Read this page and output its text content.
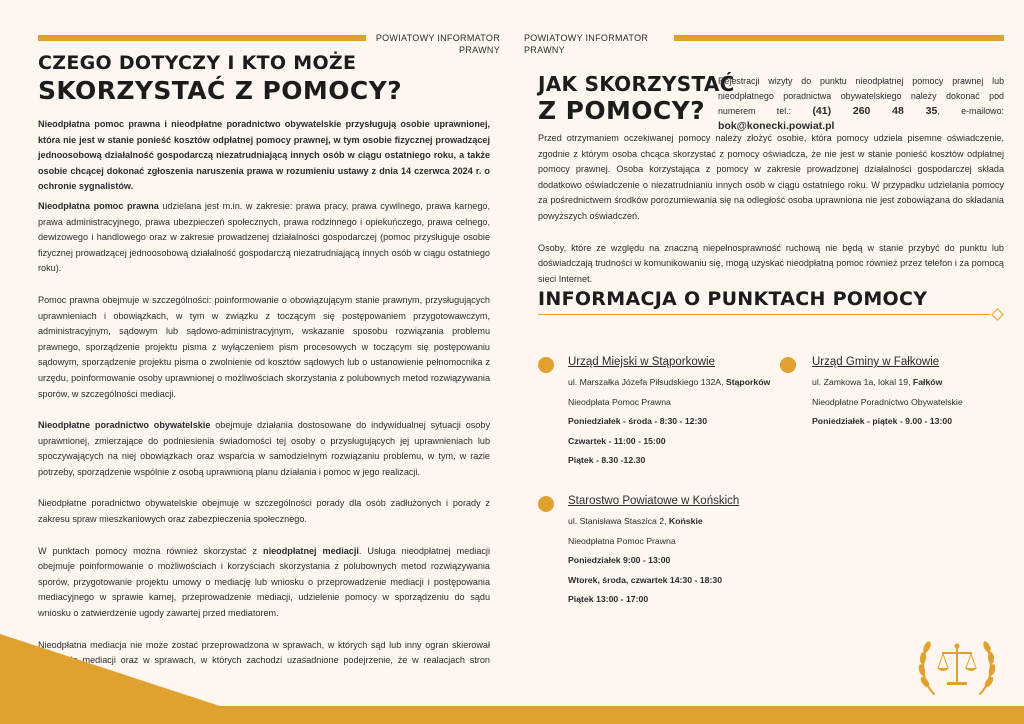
POWIATOWY INFORMATOR
PRAWNY
CZEGO DOTYCZY I KTO MOŻE
SKORZYSTAĆ Z POMOCY?

Nieodpłatna pomoc prawna i nieodpłatne poradnictwo obywatelskie przysługują osobie uprawnionej, która nie jest w stanie ponieść kosztów odpłatnej pomocy prawnej, w tym osobie fizycznej prowadzącej jednoosobową działalność gospodarczą niezatrudniającą innych osób w ciągu ostatniego roku, a także osobie chcącej dokonać zgłoszenia naruszenia prawa w rozumieniu ustawy z dnia 14 czerwca 2024 r. o ochronie sygnalistów.

Nieodpłatna pomoc prawna udzielana jest m.in. w zakresie: prawa pracy, prawa cywilnego, prawa karnego, prawa administracyjnego, prawa ubezpieczeń społecznych, prawa rodzinnego i opiekuńczego, prawa celnego, dewizowego i handlowego oraz w zakresie prowadzenej działalności gospodarczej (pomoc przysługuje osobie fizycznej prowadzącej jednoosobową działalność gospodarczą niezatrudniającą innych osób w ciągu ostatniego roku).

Pomoc prawna obejmuje w szczególności: poinformowanie o obowiązującym stanie prawnym, przysługujących uprawnieniach i obowiązkach, w tym w związku z toczącym się postępowaniem przygotowawczym, administracyjnym, sądowym lub sądowo-administracyjnym, wskazanie sposobu rozwiązania problemu prawnego, sporządzenie projektu pisma z wyłączeniem pism procesowych w toczącym się postępowaniu sądowym, sporządzenie projektu pisma o zwolnienie od kosztów sądowych lub o ustanowienie pełnomocnika z urzędu, poinformowanie osoby uprawnionej o możliwościach skorzystania z polubownych metod rozwiązywania sporów, w szczególności mediacji.

Nieodpłatne poradnictwo obywatelskie obejmuje działania dostosowane do indywidualnej sytuacji osoby uprawnionej, zmierzające do podniesienia świadomości tej osoby o przysługujących jej uprawnieniach lub spoczywających na niej obowiązkach oraz wsparcia w samodzielnym rozwiązaniu problemu, w tym, w razie potrzeby, sporządzenie wspólnie z osobą uprawnioną planu działania i pomoc w jego realizacji.

Nieodpłatne poradnictwo obywatelskie obejmuje w szczególności porady dla osób zadłużonych i porady z zakresu spraw mieszkaniowych oraz zabezpieczenia społecznego.

W punktach pomocy można również skorzystać z nieodpłatnej mediacji. Usługa nieodpłatnej mediacji obejmuje poinformowanie o możliwościach i korzyściach skorzystania z polubownych metod rozwiązywania sporów, przygotowanie projektu umowy o mediację lub wniosku o przeprowadzenie mediacji i postępowania mediacyjnego w sprawie karnej, przeprowadzenie mediacji, udzielenie pomocy w sporządzeniu do sądu wniosku o zatwierdzenie ugody zawartej przed mediatorem.

Nieodpłatna mediacja nie może zostać przeprowadzona w sprawach, w których sąd lub inny ogran skierował strony do mediacji oraz w sprawach, w których zachodzi uzasadnione podejrzenie, że w realacjach stron występuje przemoc.

.

POWIATOWY INFORMATOR
PRAWNY
JAK SKORZYSTAĆ
Z POMOCY?

Rejestracji wizyty do punktu nieodpłatnej pomocy prawnej lub nieodpłatnego poradnictwa obywatelskiego należy dokonać pod numerem tel.: (41) 260 48 35, e-mailowo: bok@konecki.powiat.pl

Przed otrzymaniem oczekiwanej pomocy należy złożyć osobie, która pomocy udziela pisemne oświadczenie, zgodnie z którym osoba chcąca skorzystać z pomocy oświadcza, że nie jest w stanie ponieść kosztów odpłatnej pomocy prawnej. Osoba korzystająca z pomocy w zakresie prowadzonej działalności gospodarczej składa dodatkowo oświadczenie o niezatrudnianiu innych osób w ciągu ostatniego roku. W przypadku udzielania pomocy za pośrednictwem środków porozumiewania się na odległość osoba uprawniona nie jest zobowiązana do składania powyższych oświadczeń.

Osoby, które ze względu na znaczną niepełnosprawność ruchową nie będą w stanie przybyć do punktu lub doświadczają trudności w komunikowaniu się, mogą uzyskać nieodpłatną pomoc również przez telefon i za pomocą sieci Internet.

INFORMACJA O PUNKTACH POMOCY
Urząd Miejski w Stąporkowie
ul. Marszałka Józefa Piłsudskiego 132A, Stąporków
Nieodpłata Pomoc Prawna
Poniedziałek - środa - 8:30 - 12:30
Czwartek - 11:00 - 15:00
Piątek - 8.30 -12.30
Urząd Gminy w Fałkowie
ul. Zamkowa 1a, lokal 19, Fałków
Nieodpłatne Poradnictwo Obywatelskie
Poniedziałek - piątek - 9.00 - 13:00
Starostwo Powiatowe w Końskich
ul. Stanisława Staszica 2, Końskie
Nieodpłatna Pomoc Prawna
Poniedziałek 9:00 - 13:00
Wtorek, środa, czwartek 14:30 - 18:30
Piątek 13:00 - 17:00
